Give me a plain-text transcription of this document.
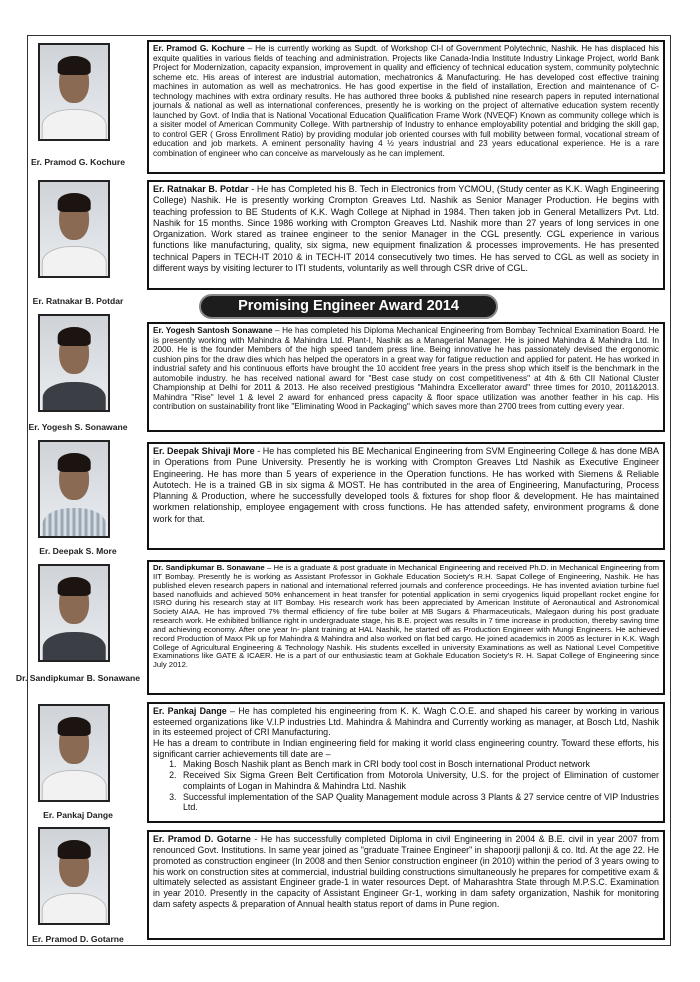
Er. Pramod G. Kochure
Er. Pramod G. Kochure – He is currently working as Supdt. of Workshop Cl-I of Government Polytechnic, Nashik. He has displaced his exquite qualities in various fields of teaching and administration. Projects like Canada-India Institute Industry Linkage Project, world Bank Project for Modernization, capacity expansion, improvement in quality and efficiency of technical education system, community polytechnic scheme etc. His areas of interest are industrial automation, mechatronics & Manufacturing. He has developed cost effective training machines in automation as well as mechatronics. He has good expertise in the field of installation, Erection and maintenance of C-technology machines with extra ordinary results. He has authored three books & published nine research papers in reputed international journals & national as well as international conferences, presently he is working on the project of alternative education system recently launched by Govt. of India that is National Vocational Education Qualification Frame Work (NVEQF) Known as community college which is a sisiter model of American Community College. With partnership of Industry to enhance employability potential and bridging the skill gap, to control GER ( Gross Enrollment Ratio) by providing modular job oriented courses with full mobility between formal, vocational stream of education and job markets. A eminent personality having 4 ½ years industrial and 23 years educational experience. He is a rare combination of engineer who can conceive as marvelously as he can implement.
Er. Ratnakar B. Potdar
Er. Ratnakar B. Potdar - He has Completed his B. Tech in Electronics from YCMOU, (Study center as K.K. Wagh Engineering College) Nashik. He is presently working Crompton Greaves Ltd. Nashik as Senior Manager Production. He begins with teaching profession to BE Students of K.K. Wagh College at Niphad in 1984. Then taken job in General Metallizers Pvt. Ltd. Nashik for 15 months. Since 1986 working with Crompton Greaves Ltd. Nashik more than 27 years of long services in one Organization. Work stared as trainee engineer to the senior Manager in the CGL presently. CGL experience in various functions like manufacturing, quality, six sigma, new equipment finalization & processes improvements. He has presented technical Papers in TECH-IT 2010 & in TECH-IT 2014 consecutively two times. He has served to CGL as well as society in different ways by visiting lecturer to ITI students, voluntarily as well through CSR drive of CGL.
Promising Engineer Award 2014
Er. Yogesh S. Sonawane
Er. Yogesh Santosh Sonawane – He has completed his Diploma Mechanical Engineering from Bombay Technical Examination Board. He is presently working with Mahindra & Mahindra Ltd. Plant-I, Nashik as a Managerial Manager. He is joined Mahindra & Mahindra Ltd. In 2000. He is the founder Members of the high speed tandem press line. Being innovative he has passionately devised the ergonomic cushion pins for the draw dies which has helped the operators in a great way for fatigue reduction and applied for patent. He has worked in industrial safety and his continuous efforts have brought the 10 accident free years in the press shop which itself is the benchmark in the automobile industry. he has received national award for "Best case study on cost competitiveness" at 4th & 6th CII National Cluster Championship at Delhi for 2011 & 2013. He also received prestigious "Mahindra Excellerator award" three times for 2010, 2011&2013. Mahindra "Rise" level 1 & level 2 award for enhanced press capacity & floor space utilization was another feather in his cap. His contribution on sustainability front like "Eliminating Wood in Packaging" which saves more than 2700 trees from cutting every year.
Er. Deepak S. More
Er. Deepak Shivaji More - He has completed his BE Mechanical Engineering from SVM Engineering College & has done MBA in Operations from Pune University. Presently he is working with Crompton Greaves Ltd Nashik as Executive Engineer Engineering. He has more than 5 years of experience in the Operation functions. He has worked with Siemens & Reliable Autotech. He is a trained GB in six sigma & MOST. He has contributed in the area of Engineering, Manufacturing, Process Planning & Production, where he successfully developed tools & fixtures for shop floor & development. He has maintained workmen relationship, employee engagement with cross functions. He has attended safety, environment programs & done work for that.
Dr. Sandipkumar B. Sonawane
Dr. Sandipkumar B. Sonawane – He is a graduate & post graduate in Mechanical Engineering and received Ph.D. in Mechanical Engineering from IIT Bombay. Presently he is working as Assistant Professor in Gokhale Education Society's R.H. Sapat College of Engineering, Nashik. He has published eleven research papers in national and international referred journals and conference proceedings. He has invented aviation turbine fuel based nanofluids and achieved 50% enhancement in heat transfer for potential application in semi cryogenics liquid propellant rocket engine for ISRO during his research stay at IIT Bombay. His research work has been appreciated by American Institute of Aeronautical and Astronomical Society AIAA. He has improved 7% thermal efficiency of fire tube boiler at MB Sugars & Pharmaceuticals, Malegaon during his post graduate research work. He exhibited brilliance right in undergraduate stage, his B.E. project was results in 7 time increase in production, thereby saving time and achieving economy. After one year In- plant training at HAL Nashik, he started off as Production Engineer with Mungi Engineers. He achieved record Production of Maxx Pik up for Mahindra & Mahindra and also worked on flat bed cargo. He joined academics in 2005 as lecturer in K.K. Wagh College of Agricultural Engineering & Technology Nashik. His students excelled in university Examinations as well as National Level Competitive Examinations like GATE & ICAER. He is a part of our enthusiastic team at Gokhale Education Society's R. H. Sapat College of Engineering since July 2012.
Er. Pankaj Dange
Er. Pankaj Dange – He has completed his engineering from K. K. Wagh C.O.E. and shaped his career by working in various esteemed organizations like V.I.P industries Ltd. Mahindra & Mahindra and Currently working as manager, at Bosch Ltd, Nashik in its esteemed project of CRI Manufacturing.
He has a dream to contribute in Indian engineering field for making it world class engineering country. Toward these efforts, his significant carrier achievements till date are –
1. Making Bosch Nashik plant as Bench mark in CRI body tool cost in Bosch international Product network
2. Received Six Sigma Green Belt Certification from Motorola University, U.S. for the project of Elimination of customer complaints of Logan in Mahindra & Mahindra Ltd. Nashik
3. Successful implementation of the SAP Quality Management module across 3 Plants & 27 service centre of VIP Industries Ltd.
Er. Pramod D. Gotarne
Er. Pramod D. Gotarne - He has successfully completed Diploma in civil Engineering in 2004 & B.E. civil in year 2007 from renounced Govt. Institutions. In same year joined as "graduate Trainee Engineer" in shapoorji pallonji & co. ltd. At the age 22. He promoted as construction engineer (In 2008 and then Senior construction engineer (in 2010) within the period of 3 years owing to his work on construction sites at commercial, industrial building constructions simultaneously he prepares for competitive exam & ultimately selected as assistant Engineer grade-1 in water resources Dept. of Maharashtra State through M.P.S.C. Examination in year 2010. Presently in the capacity of Assistant Engineer Gr-1, working in dam safety organization, Nashik for monitoring dam safety aspects & preparation of Annual health status report of dams in Pune region.
